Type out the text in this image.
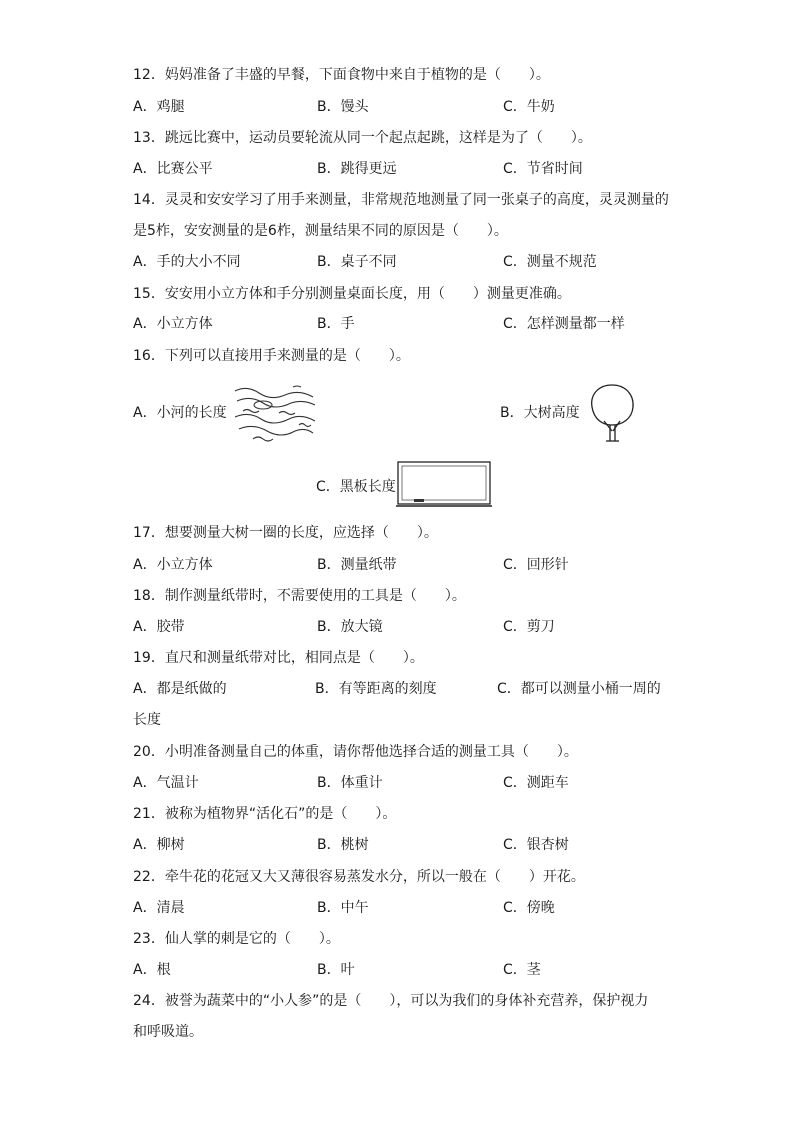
12．妈妈准备了丰盛的早餐，下面食物中来自于植物的是（　　）。
A．鸡腿	B．馒头	C．牛奶
13．跳远比赛中，运动员要轮流从同一个起点起跳，这样是为了（　　）。
A．比赛公平	B．跳得更远	C．节省时间
14．灵灵和安安学习了用手来测量，非常规范地测量了同一张桌子的高度，灵灵测量的
是5柞，安安测量的是6柞，测量结果不同的原因是（　　）。
A．手的大小不同	B．桌子不同	C．测量不规范
15．安安用小立方体和手分别测量桌面长度，用（　　）测量更准确。
A．小立方体	B．手	C．怎样测量都一样
16．下列可以直接用手来测量的是（　　）。
A．小河的长度	B．大树高度
C．黑板长度
17．想要测量大树一圈的长度，应选择（　　）。
A．小立方体	B．测量纸带	C．回形针
18．制作测量纸带时，不需要使用的工具是（　　）。
A．胶带	B．放大镜	C．剪刀
19．直尺和测量纸带对比，相同点是（　　）。
A．都是纸做的	B．有等距离的刻度	C．都可以测量小桶一周的
长度
20．小明准备测量自己的体重，请你帮他选择合适的测量工具（　　）。
A．气温计	B．体重计	C．测距车
21．被称为植物界“活化石”的是（　　）。
A．柳树	B．桃树	C．银杏树
22．牵牛花的花冠又大又薄很容易蒸发水分，所以一般在（　　）开花。
A．清晨	B．中午	C．傍晚
23．仙人掌的刺是它的（　　）。
A．根	B．叶	C．茎
24．被誉为蔬菜中的“小人参”的是（　　），可以为我们的身体补充营养，保护视力
和呼吸道。
